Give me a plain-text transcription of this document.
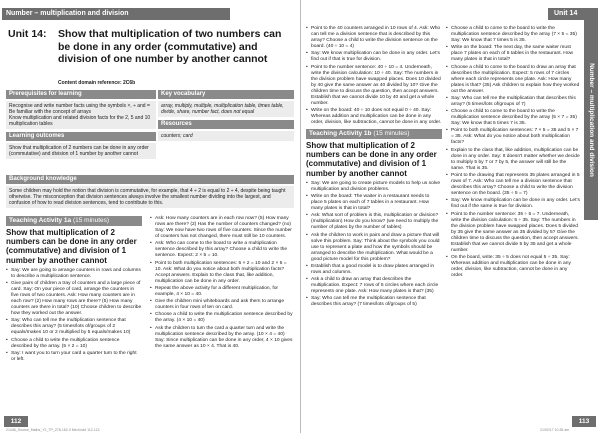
Number – multiplication and division	Unit 14
Number – multiplication and division
Unit 14: Show that multiplication of two numbers can be done in any order (commutative) and division of one number by another cannot
Content domain reference: 2C6b
Prerequisites for learning
Recognise and write number facts using the symbols ×, ÷ and =
Be familiar with the concept of arrays
Know multiplication and related division facts for the 2, 5 and 10 multiplication tables
Learning outcomes
Show that multiplication of 2 numbers can be done in any order (commutative) and division of 1 number by another cannot
Key vocabulary
array, multiply, multiple, multiplication table, times table, divide, share, number fact, does not equal
Resources
counters; card
Background knowledge
Some children may hold the notion that division is commutative, for example, that 4 ÷ 2 is equal to 2 ÷ 4, despite being taught otherwise. The misconception that division sentences always involve the smallest number dividing into the largest, and confusion of how to read division sentences, tend to contribute to this.
Teaching Activity 1a (15 minutes)
Show that multiplication of 2 numbers can be done in any order (commutative) and division of 1 number by another cannot
• Say: We are going to arrange counters in rows and columns to describe a multiplication sentence.
• Give pairs of children a tray of counters and a large piece of card. Say: On your piece of card, arrange the counters in five rows of two counters. Ask: How many counters are in each row? (2) How many rows are there? (5) How many counters are there in total? (10) Choose children to describe how they worked out the answer.
• Say: Who can tell me the multiplication sentence that describes this array? (5 times/lots of/groups of 2 equals/makes 10 or 2 multiplied by 5 equals/makes 10)
• Choose a child to write the multiplication sentence described by the array. (5 × 2 = 10)
• Say: I want you to turn your card a quarter turn to the right or left.
• Ask: How many counters are in each row now? (5) How many rows are there? (2) Has the number of counters changed? (no) Say: We now have two rows of five counters. Since the number of counters has not changed, there must still be 10 counters.
• Ask: Who can come to the board to write a multiplication sentence described by this array? Choose a child to write the sentence. Expect: 2 × 5 = 10.
• Point to both multiplication sentences: 5 × 2 = 10 and 2 × 5 = 10. Ask: What do you notice about both multiplication facts? Accept answers. Explain to the class that, like addition, multiplication can be done in any order.
• Repeat the above activity for a different multiplication, for example, 4 × 10 = 40.
• Give the children mini whiteboards and ask them to arrange counters in four rows of ten on card.
• Choose a child to write the multiplication sentence described by the array. (4 × 10 = 40)
• Ask the children to turn the card a quarter turn and write the multiplication sentence described by the array. (10 × 4 = 40) Say: Since multiplication can be done in any order, 4 × 10 gives the same answer as 10 × 4. That is 40.
• Point to the 40 counters arranged in 10 rows of 4. Ask: Who can tell me a division sentence that is described by this array? Choose a child to write the division sentence on the board. (40 ÷ 10 = 4)
• Say: We know multiplication can be done in any order. Let's find out if that is true for division.
• Point to the number sentence: 40 ÷ 10 = 4. Underneath, write the division calculation: 10 ÷ 40. Say: The numbers in the division problem have swapped places. Does 10 divided by 40 give the same answer as 40 divided by 10? Give the children time to discuss the question, then accept answers. Establish that we cannot divide 10 by 40 and get a whole number.
• Write on the board: 40 ÷ 10 does not equal 0 ÷ 40. Say: Whereas addition and multiplication can be done in any order, division, like subtraction, cannot be done in any order.
Teaching Activity 1b (15 minutes)
Show that multiplication of 2 numbers can be done in any order (commutative) and division of 1 number by another cannot
• Say: We are going to create picture models to help us solve multiplication and division problems.
• Write on the board: The waiter in a restaurant needs to place 5 plates on each of 7 tables in a restaurant. How many plates is that in total?
• Ask: What sort of problem is this, multiplication or division? (multiplication) How do you know? (we need to multiply the number of plates by the number of tables)
• Ask the children to work in pairs and draw a picture that will solve this problem. Say: Think about the symbols you could use to represent a plate and how the symbols should be arranged to describe the multiplication. What would be a good picture model for this problem?
• Establish that a good model is to draw plates arranged in rows and columns.
• Ask a child to draw an array that describes the multiplication. Expect: 7 rows of 5 circles where each circle represents one plate. Ask: How many plates is that? (35)
• Say: Who can tell me the multiplication sentence that describes this array? (7 times/lots of/groups of 5)
• Choose a child to come to the board to write the multiplication sentence described by the array (7 × 5 = 35) Say: We know that 7 times 5 is 35.
• Write on the board: The next day, the same waiter must place 7 plates on each of 5 tables in the restaurant. How many plates is that in total?
• Choose a child to come to the board to draw an array that describes the multiplication. Expect: 5 rows of 7 circles where each circle represents one plate. Ask: How many plates is that? (35) Ask children to explain how they worked out the answer.
• Say: Who can tell me the multiplication that describes this array? (5 times/lots of/groups of 7)
• Choose a child to come to the board to write the multiplication sentence described by the array (5 × 7 = 35) Say: We know that 5 times 7 is 35.
• Point to both multiplication sentences: 7 × 5 = 35 and 5 × 7 = 35. Ask: What do you notice about both multiplication facts?
• Explain to the class that, like addition, multiplication can be done in any order. Say: It doesn't matter whether we decide to multiply 5 by 7 or 7 by 5, the answer will still be the same. That is 35.
• Point to the drawing that represents 35 plates arranged in 5 rows of 7. Ask: Who can tell me a division sentence that describes this array? Choose a child to write the division sentence on the board. (35 ÷ 5 = 7)
• Say: We know multiplication can be done in any order. Let's find out if the same is true for division.
• Point to the number sentence: 35 ÷ 5 = 7. Underneath, write the division calculation: 5 ÷ 35. Say: The numbers in the division problem have swapped places. Does 5 divided by 35 give the same answer as 35 divided by 5? Give the children time to discuss the question, then accept answers. Establish that we cannot divide 5 by 35 and get a whole number.
• On the board, write: 35 ÷ 5 does not equal 5 ÷ 35. Say: Whereas addition and multiplication can be done in any order, division, like subtraction, cannot be done in any order.
112	113
21446_Source_Maths_Y2_TP_278-182-0 Med.indd 112-113	21/02/17 10:35 am
